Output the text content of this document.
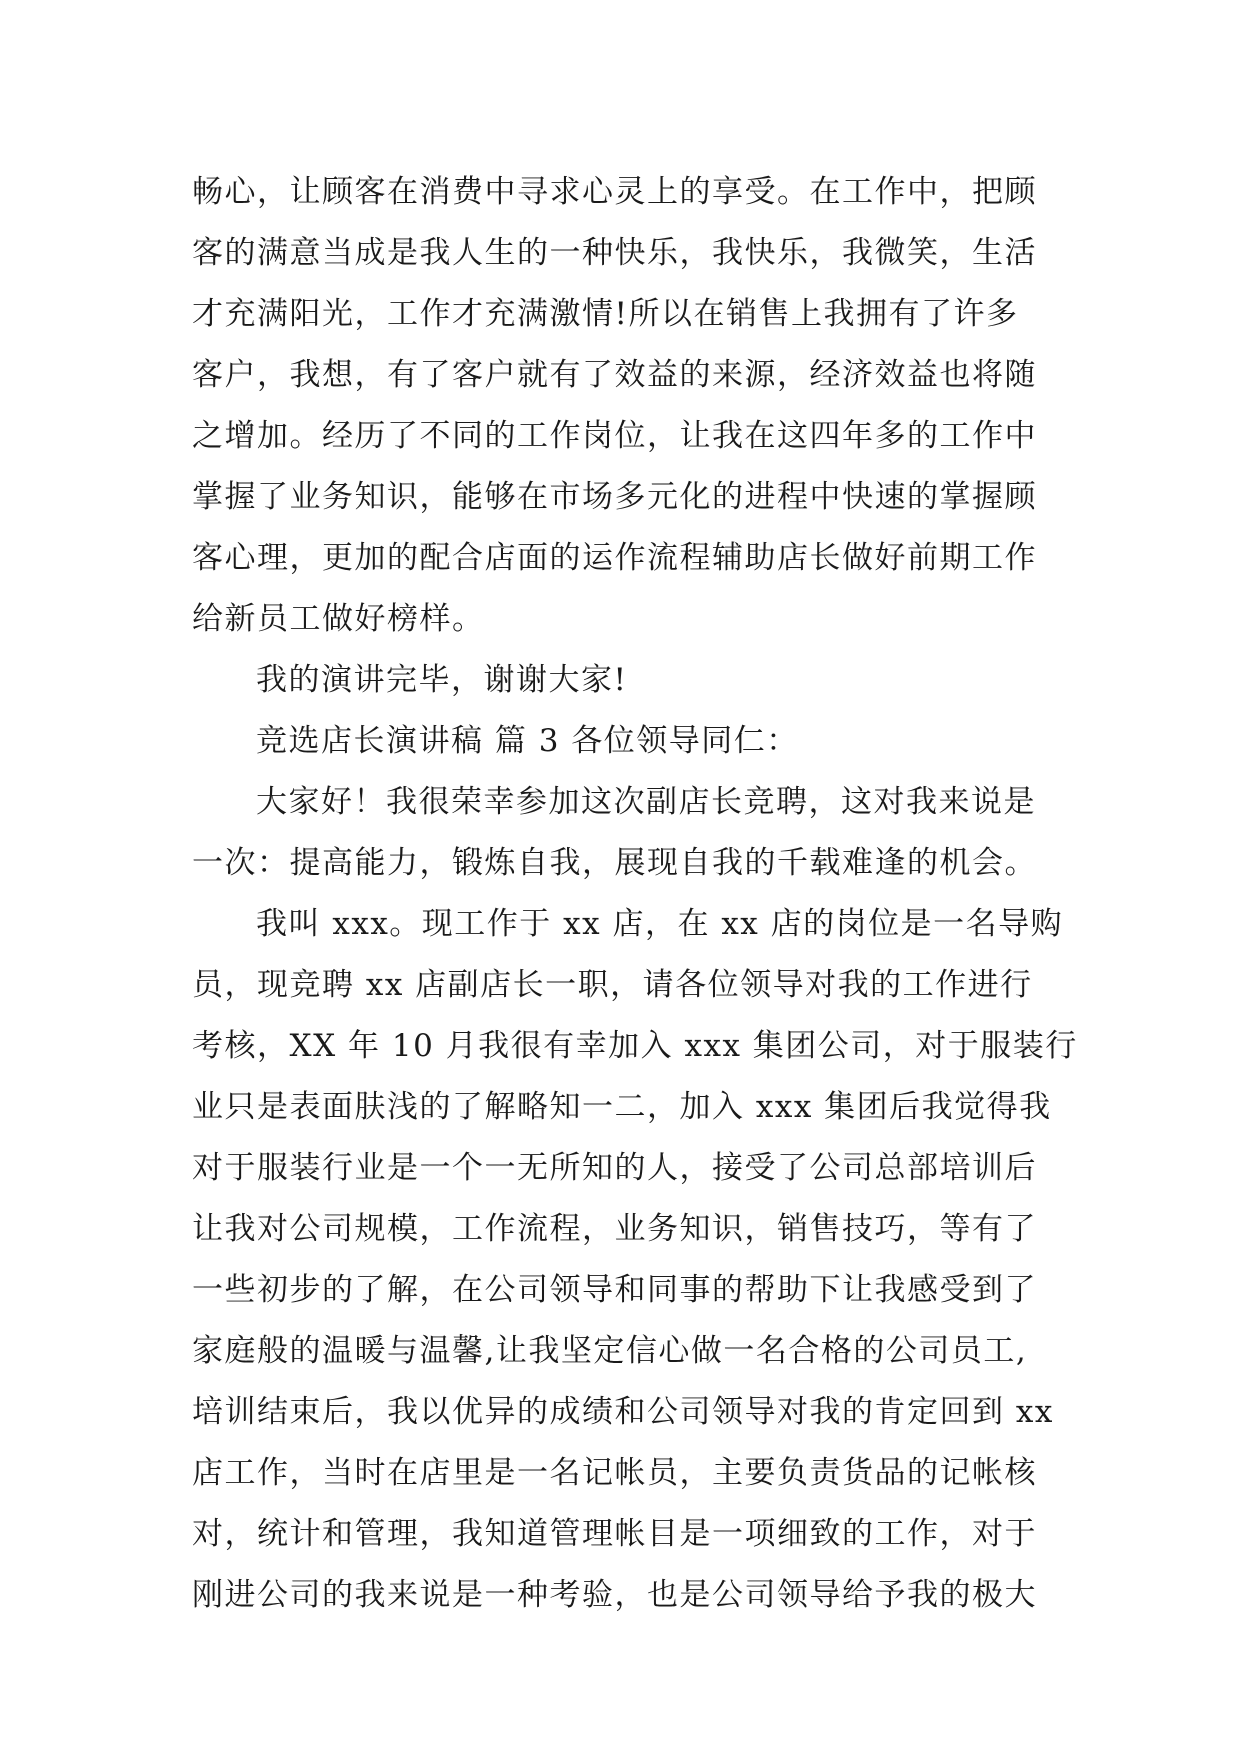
畅心，让顾客在消费中寻求心灵上的享受。在工作中，把顾
客的满意当成是我人生的一种快乐，我快乐，我微笑，生活
才充满阳光，工作才充满激情!所以在销售上我拥有了许多
客户，我想，有了客户就有了效益的来源，经济效益也将随
之增加。经历了不同的工作岗位，让我在这四年多的工作中
掌握了业务知识，能够在市场多元化的进程中快速的掌握顾
客心理，更加的配合店面的运作流程辅助店长做好前期工作
给新员工做好榜样。
我的演讲完毕，谢谢大家!
竞选店长演讲稿 篇 3 各位领导同仁：
大家好！我很荣幸参加这次副店长竞聘，这对我来说是
一次：提高能力，锻炼自我，展现自我的千载难逢的机会。
我叫 xxx。现工作于 xx 店，在 xx 店的岗位是一名导购
员，现竞聘 xx 店副店长一职，请各位领导对我的工作进行
考核，XX 年 10 月我很有幸加入 xxx 集团公司，对于服装行
业只是表面肤浅的了解略知一二，加入 xxx 集团后我觉得我
对于服装行业是一个一无所知的人，接受了公司总部培训后
让我对公司规模，工作流程，业务知识，销售技巧，等有了
一些初步的了解，在公司领导和同事的帮助下让我感受到了
家庭般的温暖与温馨,让我坚定信心做一名合格的公司员工,
培训结束后，我以优异的成绩和公司领导对我的肯定回到 xx
店工作，当时在店里是一名记帐员，主要负责货品的记帐核
对，统计和管理，我知道管理帐目是一项细致的工作，对于
刚进公司的我来说是一种考验，也是公司领导给予我的极大
